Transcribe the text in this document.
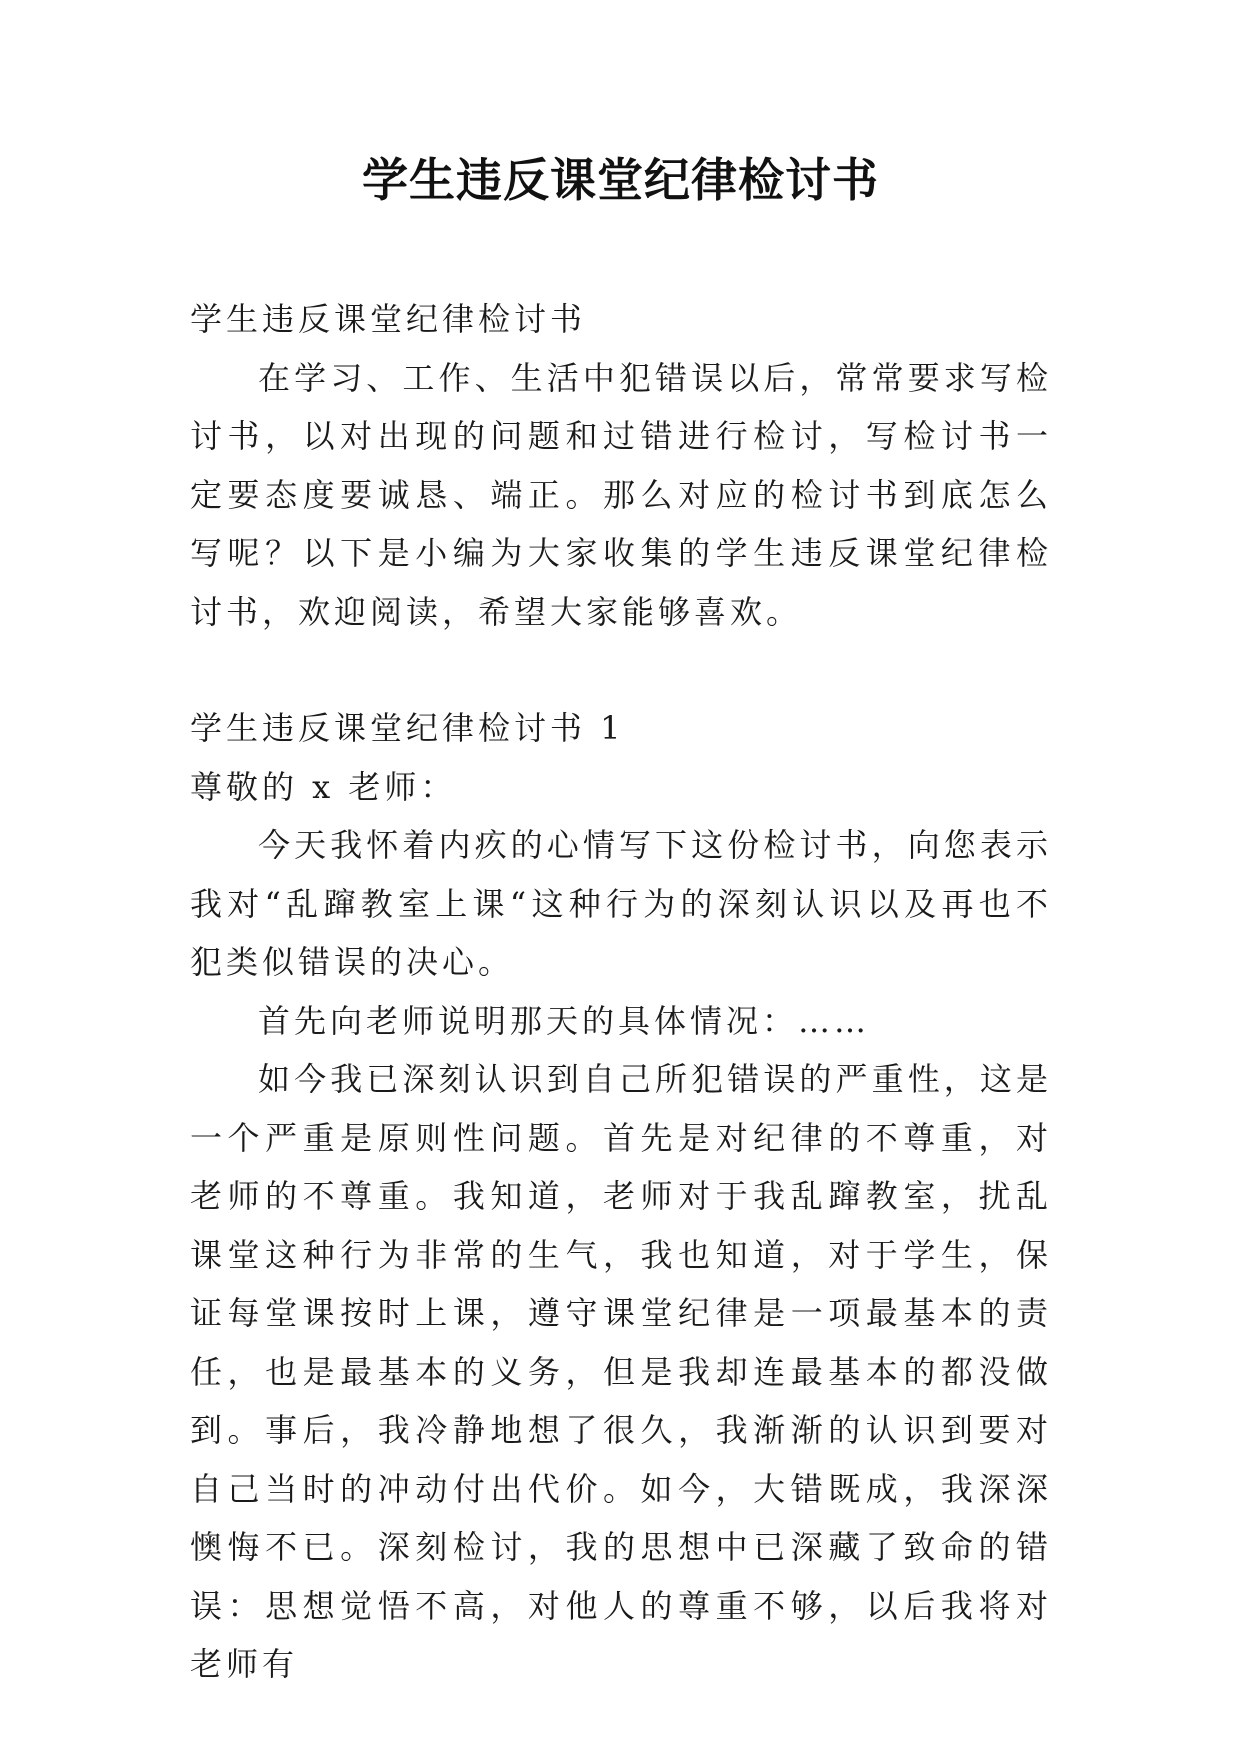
学生违反课堂纪律检讨书

学生违反课堂纪律检讨书

在学习、工作、生活中犯错误以后，常常要求写检讨书，以对出现的问题和过错进行检讨，写检讨书一定要态度要诚恳、端正。那么对应的检讨书到底怎么写呢？以下是小编为大家收集的学生违反课堂纪律检讨书，欢迎阅读，希望大家能够喜欢。

学生违反课堂纪律检讨书 1

尊敬的 x 老师：

今天我怀着内疚的心情写下这份检讨书，向您表示我对“乱蹿教室上课“这种行为的深刻认识以及再也不犯类似错误的决心。

首先向老师说明那天的具体情况：……

如今我已深刻认识到自己所犯错误的严重性，这是一个严重是原则性问题。首先是对纪律的不尊重，对老师的不尊重。我知道，老师对于我乱蹿教室，扰乱课堂这种行为非常的生气，我也知道，对于学生，保证每堂课按时上课，遵守课堂纪律是一项最基本的责任，也是最基本的义务，但是我却连最基本的都没做到。事后，我冷静地想了很久，我渐渐的认识到要对自己当时的冲动付出代价。如今，大错既成，我深深懊悔不已。深刻检讨，我的思想中已深藏了致命的错误：思想觉悟不高，对他人的尊重不够，以后我将对老师有
